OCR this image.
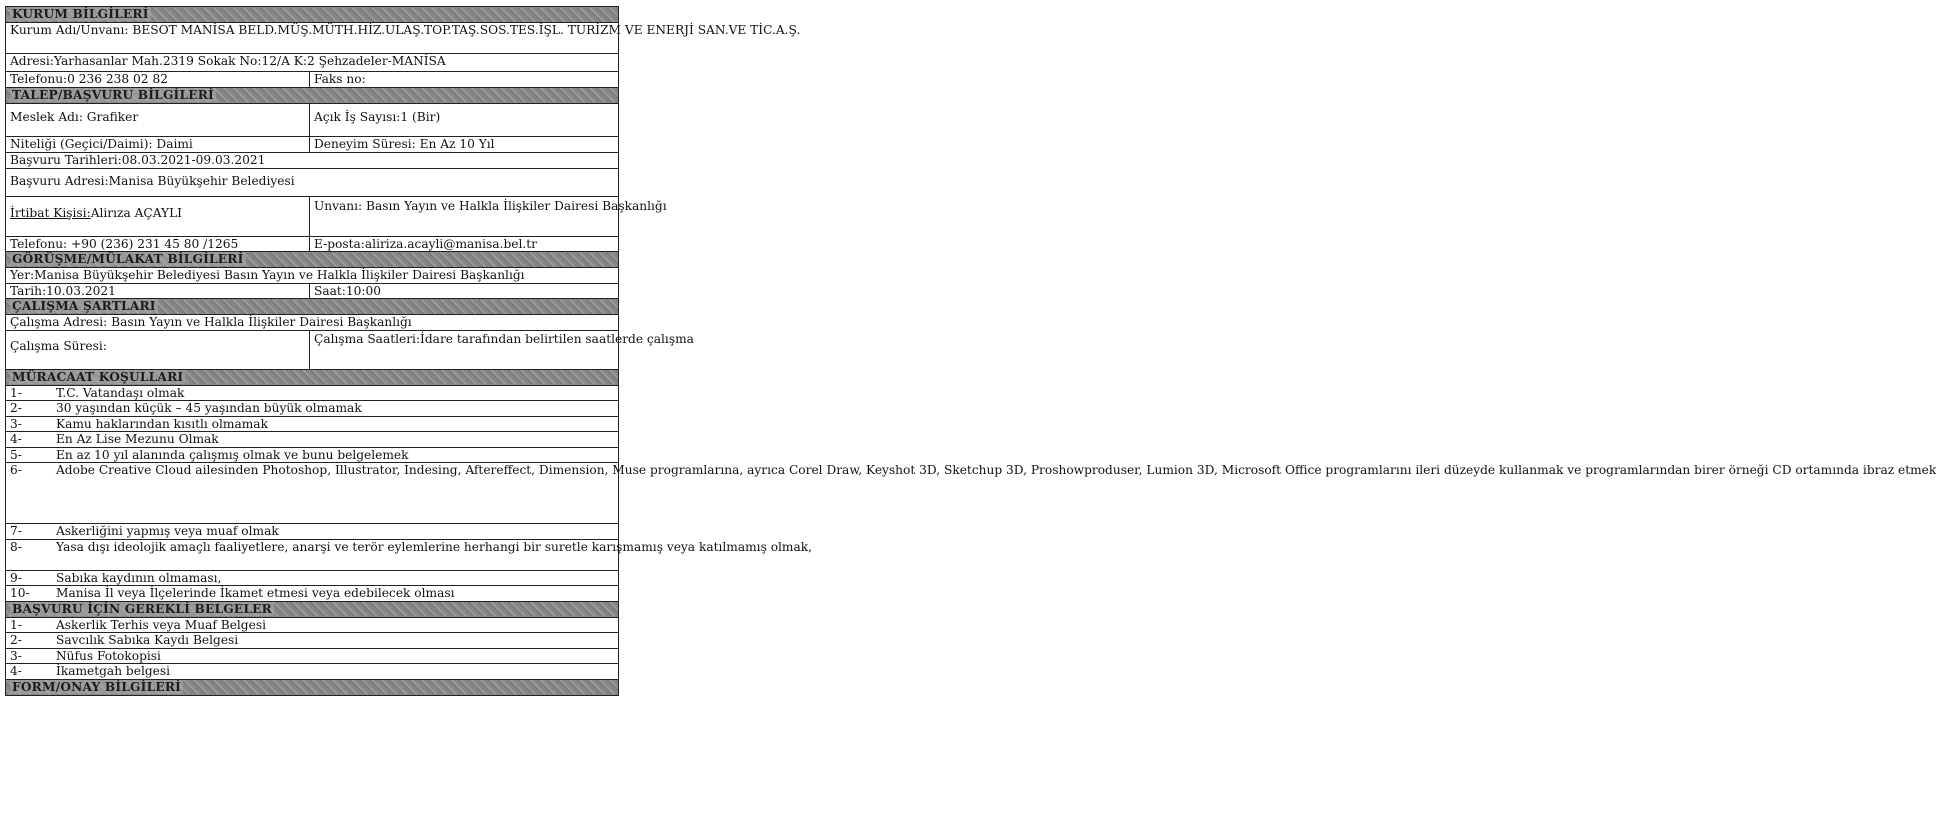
KURUM BİLGİLERİ	
Kurum Adı/Unvanı: BESOT MANİSA BELD.MÜŞ.MÜTH.HİZ.ULAŞ.TOP.TAŞ.SOS.TES.İŞL. TURİZM VE ENERJİ SAN.VE TİC.A.Ş.	
Adresi:Yarhasanlar Mah.2319 Sokak No:12/A K:2 Şehzadeler-MANİSA	
Telefonu:0 236 238 02 82	Faks no:
TALEP/BAŞVURU BİLGİLERİ	
Meslek Adı: Grafiker	Açık İş Sayısı:1 (Bir)
Niteliği (Geçici/Daimi): Daimi	Deneyim Süresi: En Az 10 Yıl
Başvuru Tarihleri:08.03.2021-09.03.2021	
Başvuru Adresi:Manisa Büyükşehir Belediyesi	
İrtibat Kişisi:Alirıza AÇAYLI	Unvanı: Basın Yayın ve Halkla İlişkiler Dairesi Başkanlığı
Telefonu: +90 (236) 231 45 80 /1265	E-posta:aliriza.acayli@manisa.bel.tr
GÖRÜŞME/MÜLAKAT BİLGİLERİ	
Yer:Manisa Büyükşehir Belediyesi Basın Yayın ve Halkla İlişkiler Dairesi Başkanlığı	
Tarih:10.03.2021	Saat:10:00
ÇALIŞMA ŞARTLARI	
Çalışma Adresi: Basın Yayın ve Halkla İlişkiler Dairesi Başkanlığı	
Çalışma Süresi:	Çalışma Saatleri:İdare tarafından belirtilen saatlerde çalışma
MÜRACAAT KOŞULLARI	
1- T.C. Vatandaşı olmak	
2- 30 yaşından küçük – 45 yaşından büyük olmamak	
3- Kamu haklarından kısıtlı olmamak	
4- En Az Lise Mezunu Olmak	
5- En az 10 yıl alanında çalışmış olmak ve bunu belgelemek	
6- Adobe Creative Cloud ailesinden Photoshop, Illustrator, Indesing, Aftereffect, Dimension, Muse programlarına, ayrıca Corel Draw, Keyshot 3D, Sketchup 3D, Proshowproduser, Lumion 3D, Microsoft Office programlarını ileri düzeyde kullanmak ve programlarından birer örneği CD ortamında ibraz etmek	
7- Askerliğini yapmış veya muaf olmak	
8- Yasa dışı ideolojik amaçlı faaliyetlere, anarşi ve terör eylemlerine herhangi bir suretle karışmamış veya katılmamış olmak,	
9- Sabıka kaydının olmaması,	
10- Manisa İl veya İlçelerinde İkamet etmesi veya edebilecek olması	
BAŞVURU İÇİN GEREKLİ BELGELER	
1- Askerlik Terhis veya Muaf Belgesi	
2- Savcılık Sabıka Kaydı Belgesi	
3- Nüfus Fotokopisi	
4- İkametgah belgesi	
FORM/ONAY BİLGİLERİ	
